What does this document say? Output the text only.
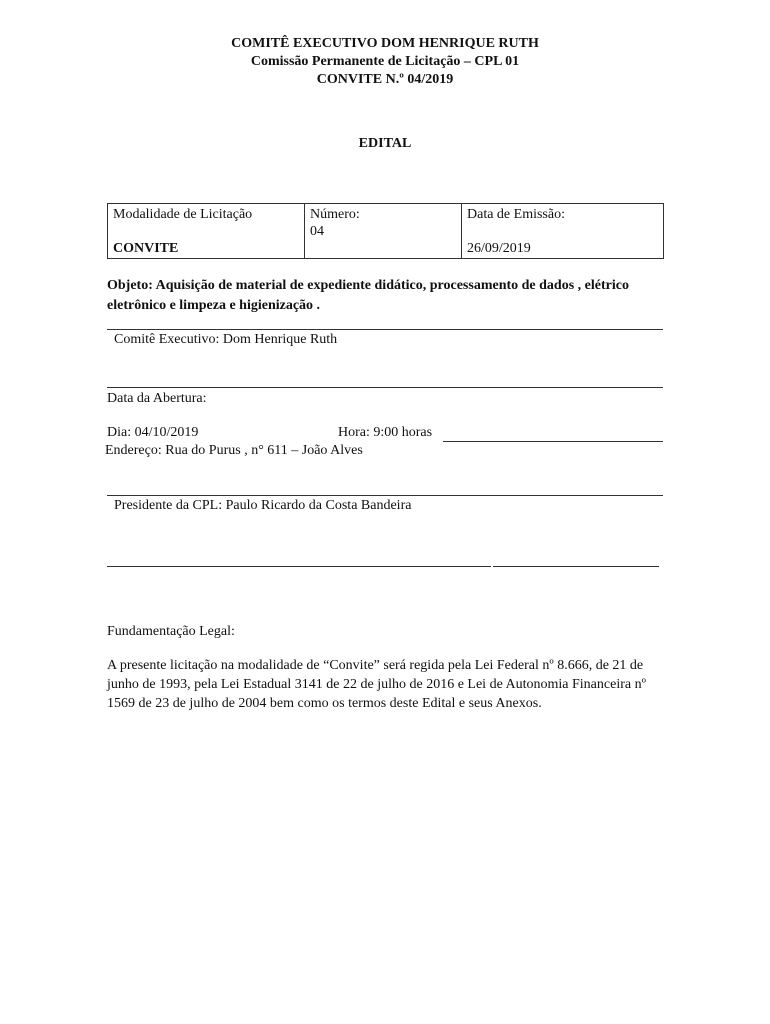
COMITÊ EXECUTIVO DOM HENRIQUE RUTH
Comissão Permanente de Licitação – CPL 01
CONVITE N.º 04/2019
EDITAL
Modalidade de Licitação
CONVITE

Número:
04

Data de Emissão:
26/09/2019
Objeto: Aquisição de material de expediente didático, processamento de dados , elétrico eletrônico e limpeza e higienização .
Comitê Executivo: Dom Henrique Ruth
Data da Abertura:
Dia: 04/10/2019	Hora: 9:00 horas
Endereço: Rua do Purus , n° 611 – João Alves
Presidente da CPL: Paulo Ricardo da Costa Bandeira
Fundamentação Legal:
A presente licitação na modalidade de “Convite” será regida pela Lei Federal nº 8.666, de 21 de junho de 1993, pela Lei Estadual 3141 de 22 de julho de 2016 e Lei de Autonomia Financeira nº 1569 de 23 de julho de 2004 bem como os termos deste Edital e seus Anexos.
